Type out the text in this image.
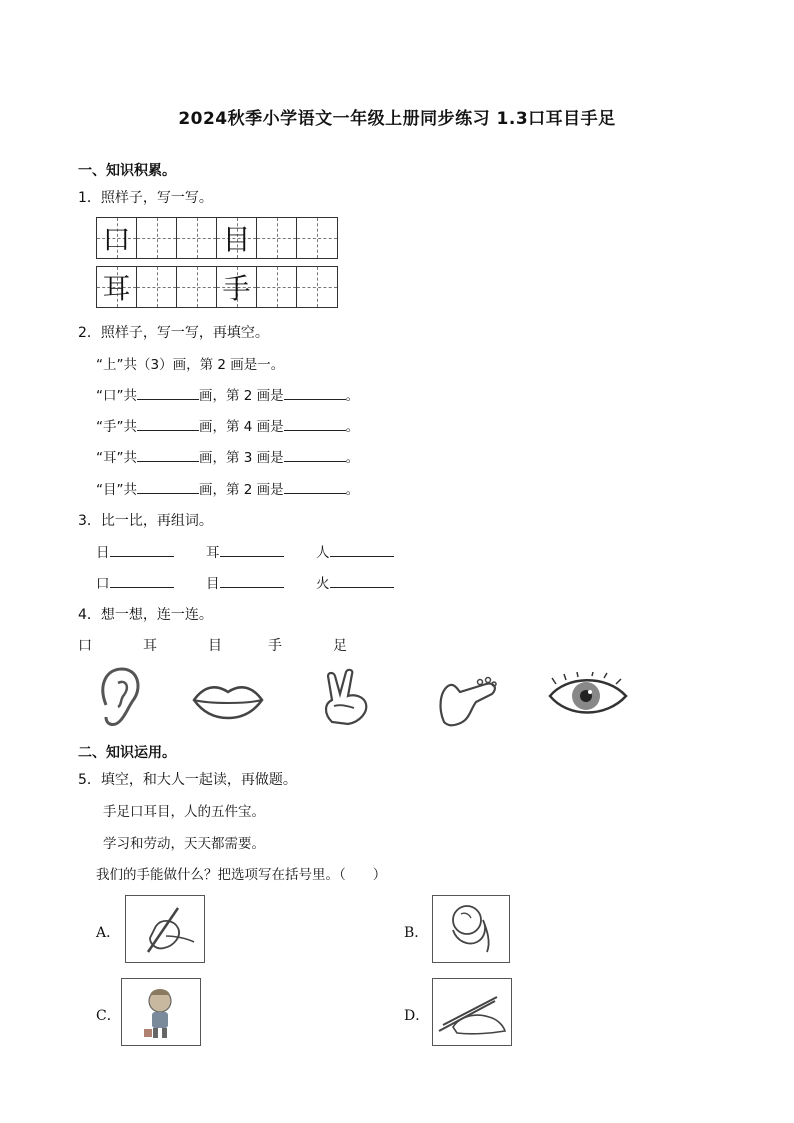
2024秋季小学语文一年级上册同步练习 1.3口耳目手足
一、知识积累。
1．照样子，写一写。
口	目
耳	手
2．照样子，写一写，再填空。
“上”共（3）画，第 2 画是一。
“口”共	画，第 2 画是	。
“手”共	画，第 4 画是	。
“耳”共	画，第 3 画是	。
“目”共	画，第 2 画是	。
3．比一比，再组词。
日	耳	人
口	目	火
4．想一想，连一连。
口	耳	目	手	足
二、知识运用。
5．填空，和大人一起读，再做题。
手足口耳目，人的五件宝。
学习和劳动，天天都需要。
我们的手能做什么？把选项写在括号里。（　　）
A．	B．
C．	D．
